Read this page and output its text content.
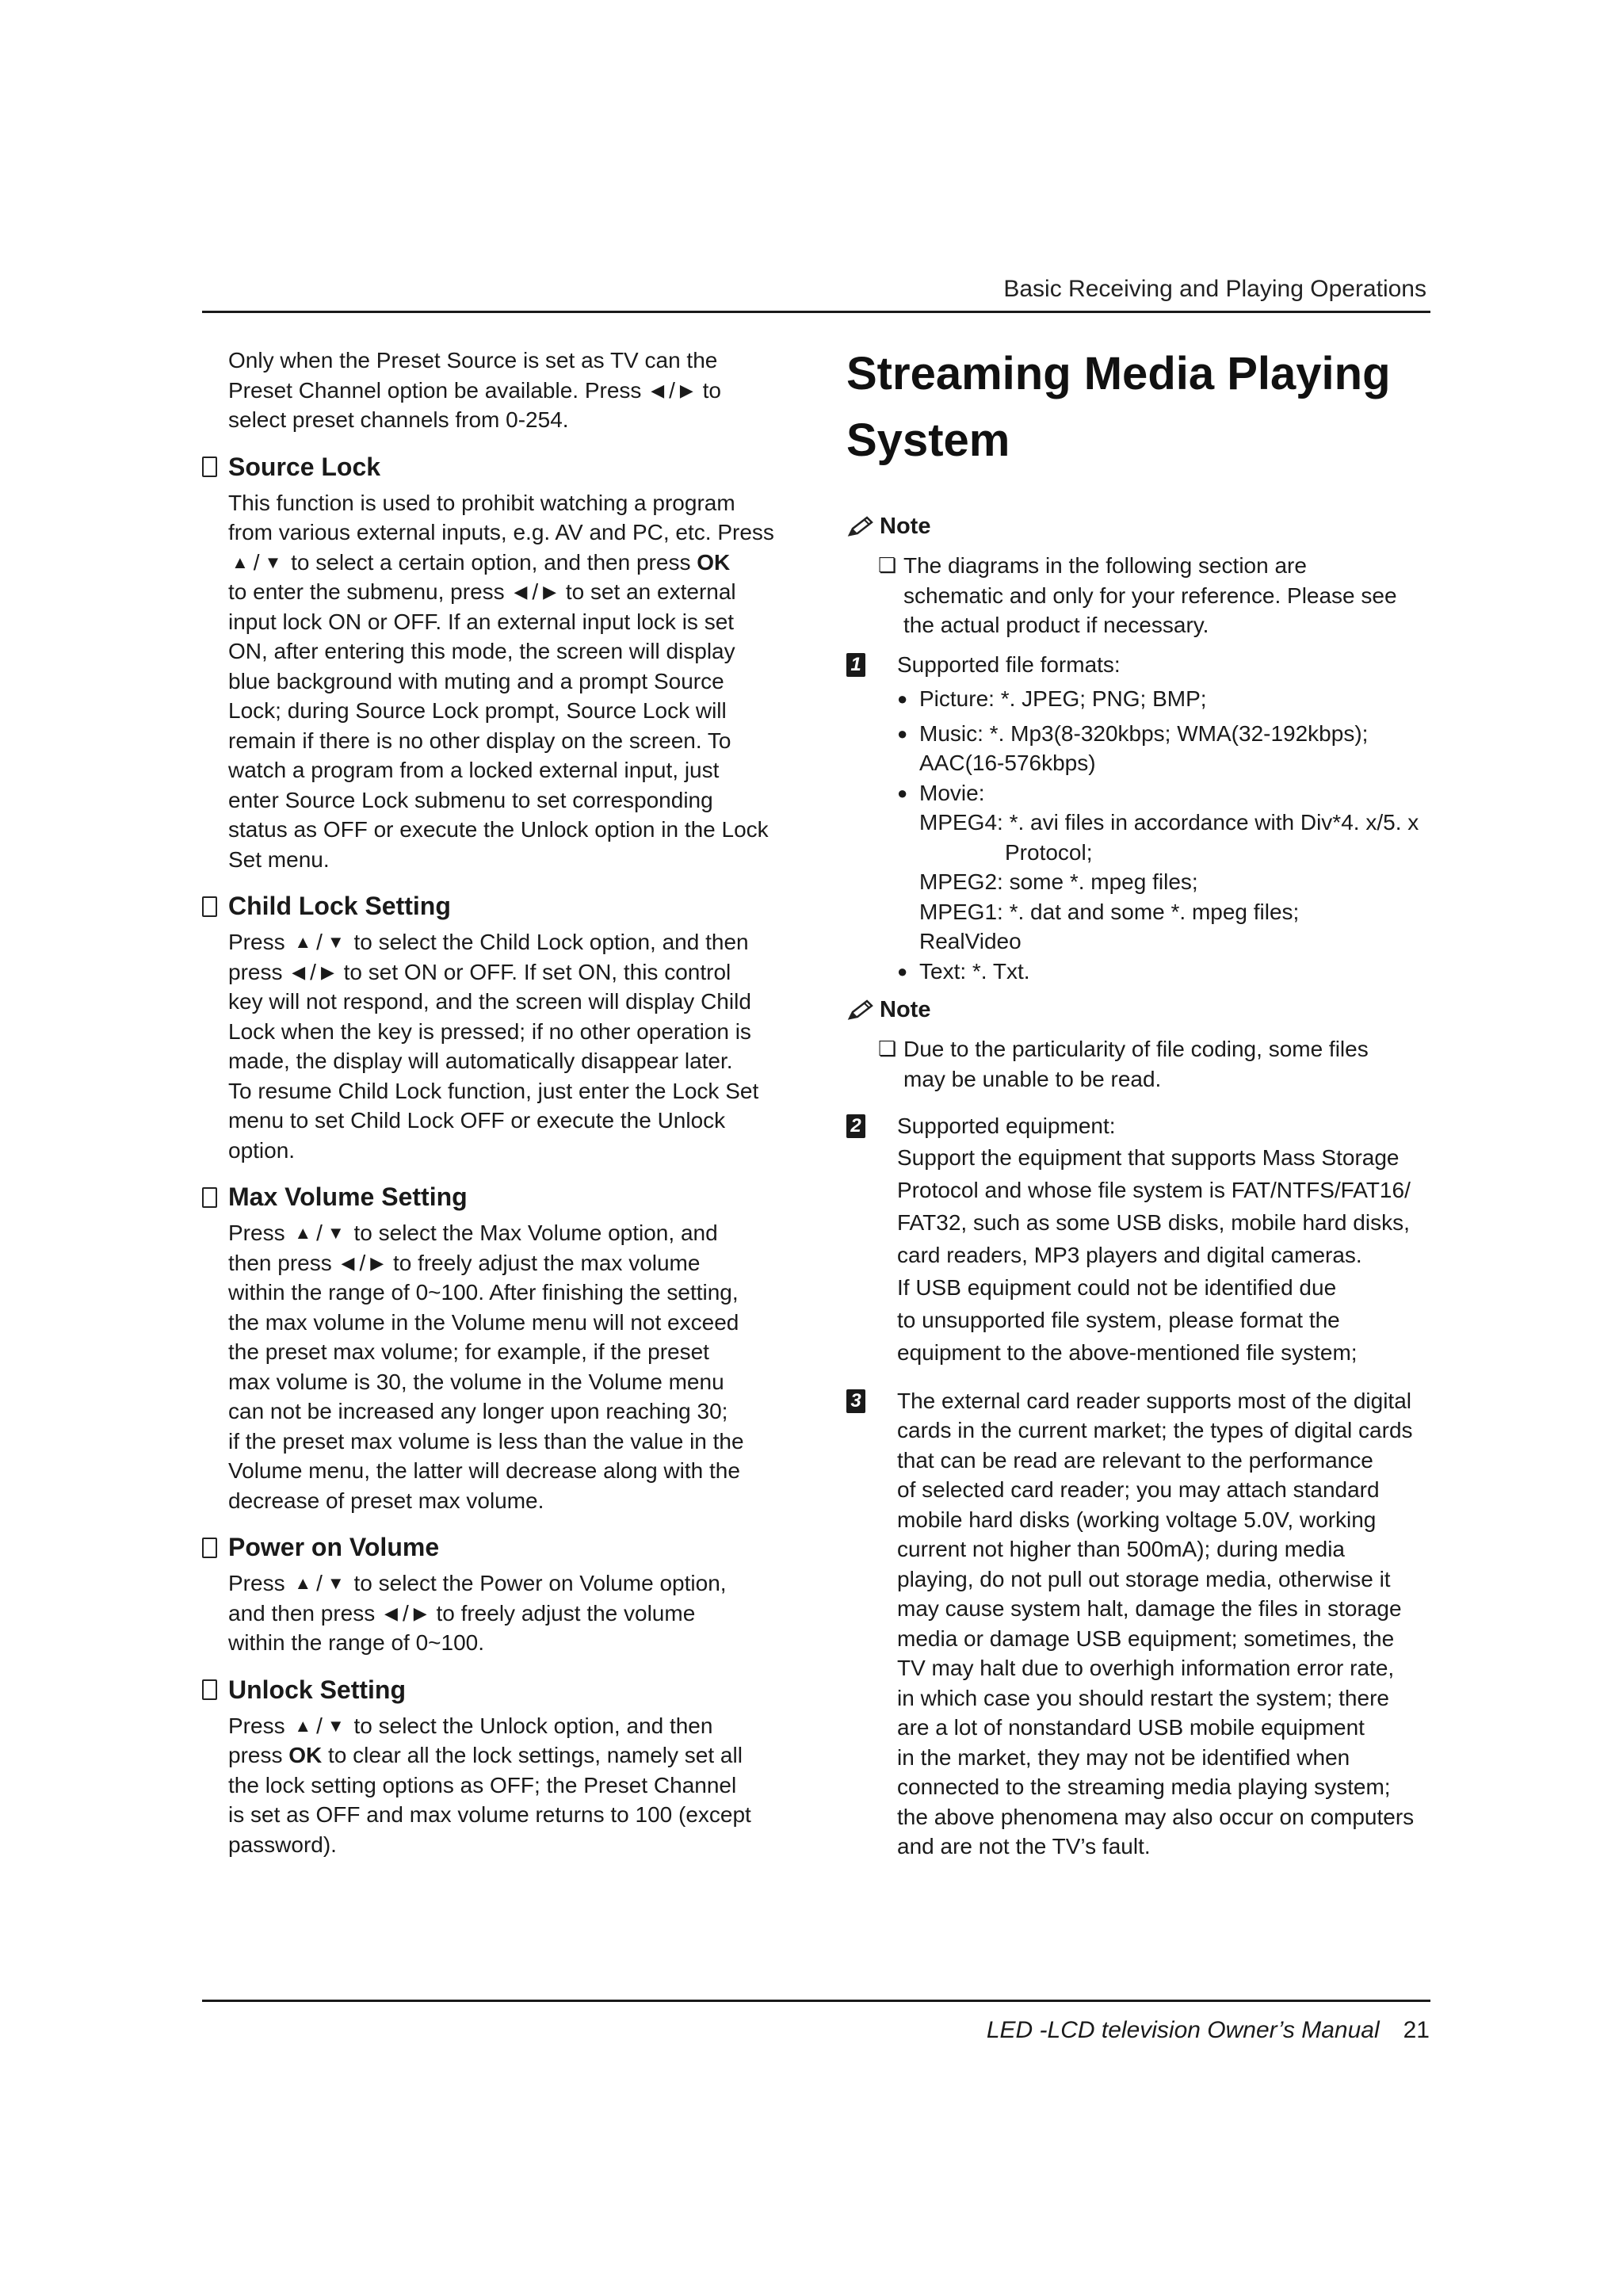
Basic Receiving and Playing Operations

Only when the Preset Source is set as TV can the

Preset Channel option be available. Press ◀ / ▶ to

select preset channels from 0-254.

Source Lock

This function is used to prohibit watching a program

from various external inputs, e.g. AV and PC, etc. Press

▲ / ▼ to select a certain option, and then press OK

to enter the submenu, press ◀ / ▶ to set an external

input lock ON or OFF. If an external input lock is set

ON, after entering this mode, the screen will display

blue background with muting and a prompt Source

Lock; during Source Lock prompt, Source Lock will

remain if there is no other display on the screen. To

watch a program from a locked external input, just

enter Source Lock submenu to set corresponding

status as OFF or execute the Unlock option in the Lock

Set menu.

Child Lock Setting

Press ▲ / ▼ to select the Child Lock option, and then

press ◀ / ▶ to set ON or OFF. If set ON, this control

key will not respond, and the screen will display Child

Lock when the key is pressed; if no other operation is

made, the display will automatically disappear later.

To resume Child Lock function, just enter the Lock Set

menu to set Child Lock OFF or execute the Unlock

option.

Max Volume Setting

Press ▲ / ▼ to select the Max Volume option, and

then press ◀ / ▶ to freely adjust the max volume

within the range of 0~100. After finishing the setting,

the max volume in the Volume menu will not exceed

the preset max volume; for example, if the preset

max volume is 30, the volume in the Volume menu

can not be increased any longer upon reaching 30;

if the preset max volume is less than the value in the

Volume menu, the latter will decrease along with the

decrease of preset max volume.

Power on Volume

Press ▲ / ▼ to select the Power on Volume option,

and then press ◀ / ▶ to freely adjust the volume

within the range of 0~100.

Unlock Setting

Press ▲ / ▼ to select the Unlock option, and then

press OK to clear all the lock settings, namely set all

the lock setting options as OFF; the Preset Channel

is set as OFF and max volume returns to 100 (except

password).

Streaming Media Playing
System
Note
❏ The diagrams in the following section are

schematic and only for your reference. Please see

the actual product if necessary.

1 Supported file formats:

● Picture: *. JPEG; PNG; BMP;
● Music: *. Mp3(8-320kbps; WMA(32-192kbps);
AAC(16-576kbps)
● Movie:
MPEG4: *. avi files in accordance with Div*4. x/5. x
Protocol;
MPEG2: some *. mpeg files;
MPEG1: *. dat and some *. mpeg files;
RealVideo
● Text: *. Txt.
Note
❏ Due to the particularity of file coding, some files

may be unable to be read.

2 Supported equipment:

Support the equipment that supports Mass Storage

Protocol and whose file system is FAT/NTFS/FAT16/

FAT32, such as some USB disks, mobile hard disks,

card readers, MP3 players and digital cameras.

If USB equipment could not be identified due

to unsupported file system, please format the

equipment to the above-mentioned file system;

3 The external card reader supports most of the digital

cards in the current market; the types of digital cards

that can be read are relevant to the performance

of selected card reader; you may attach standard

mobile hard disks (working voltage 5.0V, working

current not higher than 500mA); during media

playing, do not pull out storage media, otherwise it

may cause system halt, damage the files in storage

media or damage USB equipment; sometimes, the

TV may halt due to overhigh information error rate,

in which case you should restart the system; there

are a lot of nonstandard USB mobile equipment

in the market, they may not be identified when

connected to the streaming media playing system;

the above phenomena may also occur on computers

and are not the TV’s fault.

LED -LCD television Owner’s Manual 21
